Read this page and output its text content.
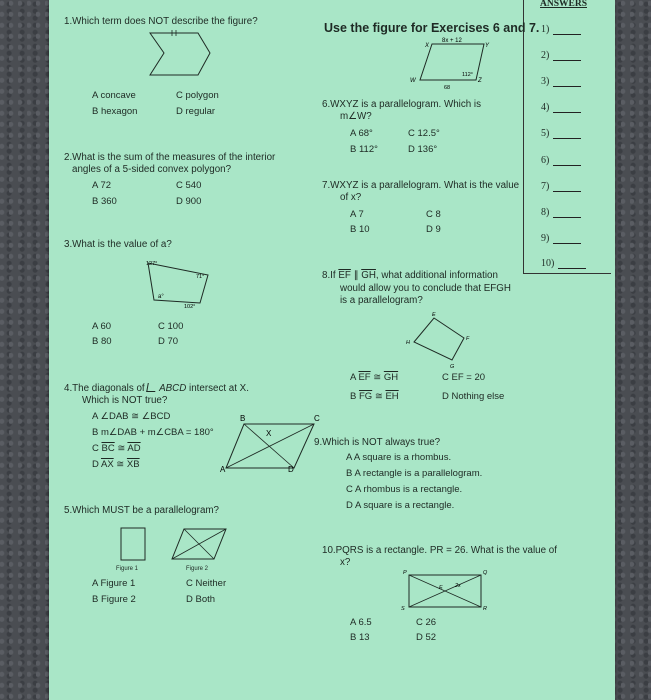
ANSWERS
1)
2)
3)
4)
5)
6)
7)
8)
9)
10)
1.Which term does NOT describe the figure?
A concave	C polygon
B hexagon	D regular
2.What is the sum of the measures of the interior
angles of a 5-sided convex polygon?
A 72	C 540
B 360	D 900
3.What is the value of a?
127°
71°
102°
a°
A 60	C 100
B 80	D 70
4.The diagonals of ABCD intersect at X.
Which is NOT true?
A ∠DAB ≅ ∠BCD
B m∠DAB + m∠CBA = 180°
C $\overline{BC}$ ≅ $\overline{AD}$
D $\overline{AX}$ ≅ $\overline{XB}$
B	C
X
A	D
5.Which MUST be a parallelogram?
Figure 1	Figure 2
A Figure 1	C Neither
B Figure 2	D Both
Use the figure for Exercises 6 and 7.
8x + 12
X	Y
W	Z
112°
68
6.WXYZ is a parallelogram. Which is
m∠W?
A 68°	C 12.5°
B 112°	D 136°
7.WXYZ is a parallelogram. What is the value
of x?
A 7	C 8
B 10	D 9
8.If $\overline{EF}$ ∥ $\overline{GH}$, what additional information
would allow you to conclude that EFGH
is a parallelogram?
E
F
G
H
A $\overline{EF}$ ≅ $\overline{GH}$	C EF = 20
B $\overline{FG}$ ≅ $\overline{EH}$	D Nothing else
9.Which is NOT always true?
A A square is a rhombus.
B A rectangle is a parallelogram.
C A rhombus is a rectangle.
D A square is a rectangle.
10.PQRS is a rectangle. PR = 26. What is the value of
x?
P	Q
R
S
E 2x
A 6.5	C 26
B 13	D 52
